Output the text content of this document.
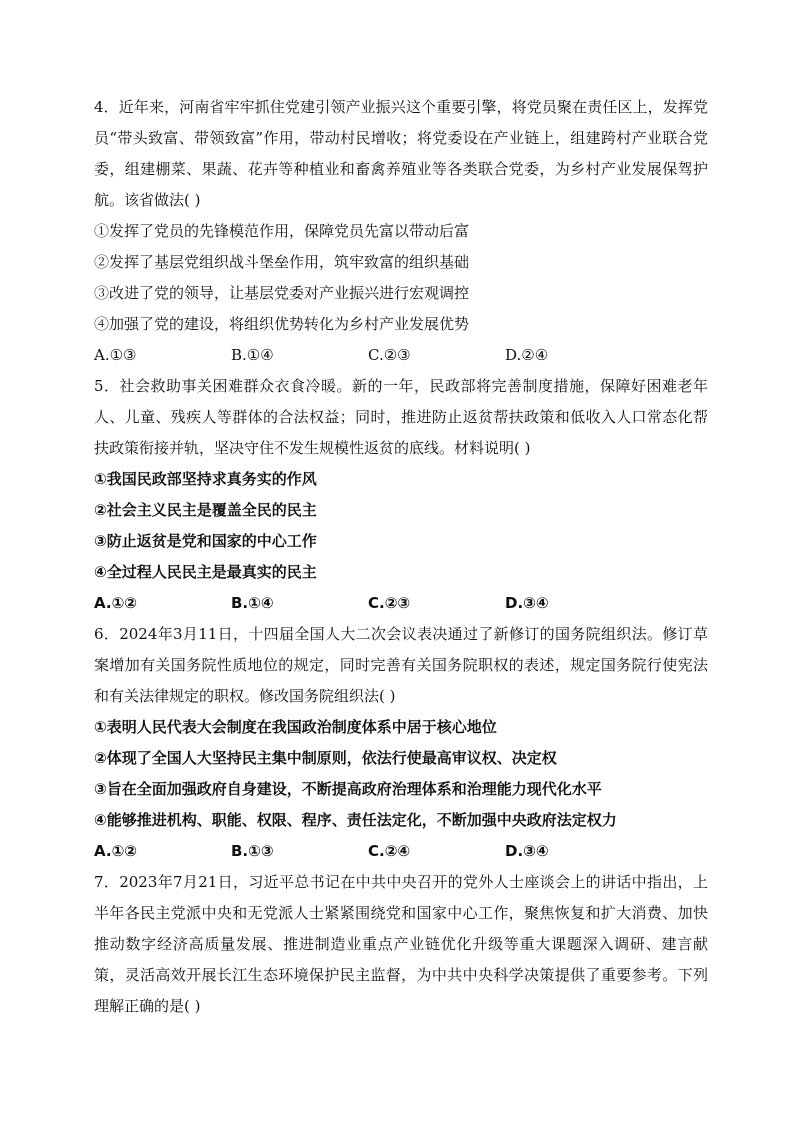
4．近年来，河南省牢牢抓住党建引领产业振兴这个重要引擎，将党员聚在责任区上，发挥党员“带头致富、带领致富”作用，带动村民增收；将党委设在产业链上，组建跨村产业联合党委，组建棚菜、果蔬、花卉等种植业和畜禽养殖业等各类联合党委，为乡村产业发展保驾护航。该省做法( )

①发挥了党员的先锋模范作用，保障党员先富以带动后富

②发挥了基层党组织战斗堡垒作用，筑牢致富的组织基础

③改进了党的领导，让基层党委对产业振兴进行宏观调控

④加强了党的建设，将组织优势转化为乡村产业发展优势

A.①③	B.①④	C.②③	D.②④

5．社会救助事关困难群众衣食冷暖。新的一年，民政部将完善制度措施，保障好困难老年人、儿童、残疾人等群体的合法权益；同时，推进防止返贫帮扶政策和低收入人口常态化帮扶政策衔接并轨，坚决守住不发生规模性返贫的底线。材料说明( )

①我国民政部坚持求真务实的作风

②社会主义民主是覆盖全民的民主

③防止返贫是党和国家的中心工作

④全过程人民民主是最真实的民主

A.①②	B.①④	C.②③	D.③④

6．2024年3月11日，十四届全国人大二次会议表决通过了新修订的国务院组织法。修订草案增加有关国务院性质地位的规定，同时完善有关国务院职权的表述，规定国务院行使宪法和有关法律规定的职权。修改国务院组织法( )

①表明人民代表大会制度在我国政治制度体系中居于核心地位

②体现了全国人大坚持民主集中制原则，依法行使最高审议权、决定权

③旨在全面加强政府自身建设，不断提高政府治理体系和治理能力现代化水平

④能够推进机构、职能、权限、程序、责任法定化，不断加强中央政府法定权力

A.①②	B.①③	C.②④	D.③④

7．2023年7月21日，习近平总书记在中共中央召开的党外人士座谈会上的讲话中指出，上半年各民主党派中央和无党派人士紧紧围绕党和国家中心工作，聚焦恢复和扩大消费、加快推动数字经济高质量发展、推进制造业重点产业链优化升级等重大课题深入调研、建言献策，灵活高效开展长江生态环境保护民主监督，为中共中央科学决策提供了重要参考。下列理解正确的是( )
